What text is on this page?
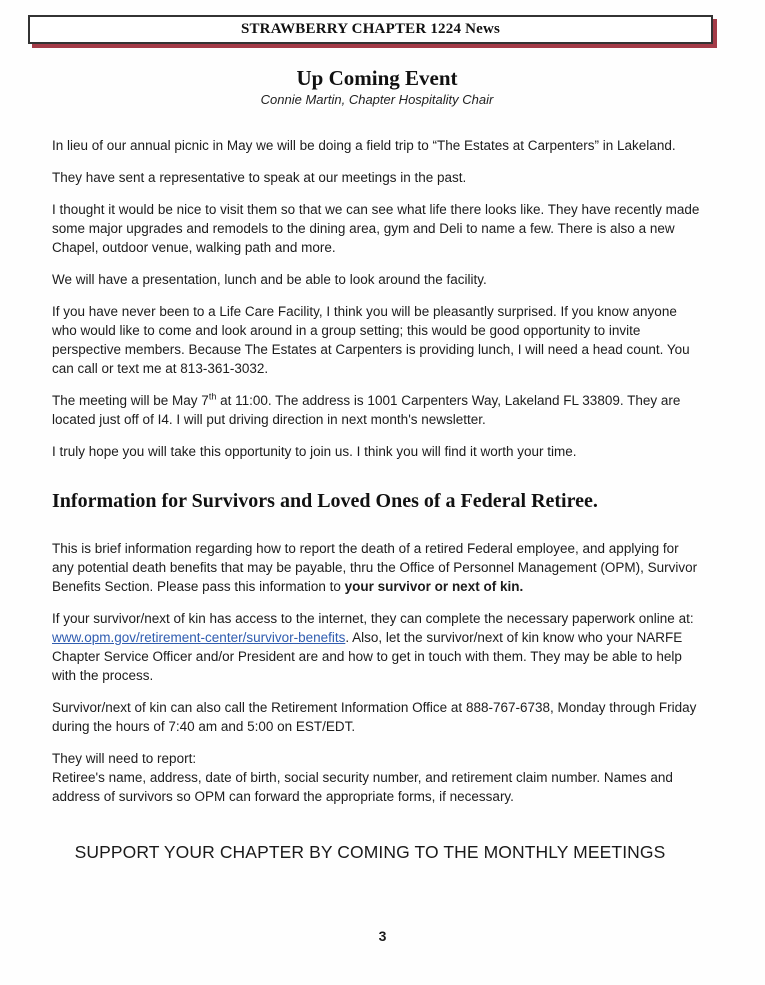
STRAWBERRY CHAPTER 1224 News
Up Coming Event

Connie Martin, Chapter Hospitality Chair

In lieu of our annual picnic in May we will be doing a field trip to “The Estates at Carpenters” in Lakeland.

They have sent a representative to speak at our meetings in the past.

I thought it would be nice to visit them so that we can see what life there looks like. They have recently made some major upgrades and remodels to the dining area, gym and Deli to name a few. There is also a new Chapel, outdoor venue, walking path and more.

We will have a presentation, lunch and be able to look around the facility.

If you have never been to a Life Care Facility, I think you will be pleasantly surprised. If you know anyone who would like to come and look around in a group setting; this would be good opportunity to invite perspective members. Because The Estates at Carpenters is providing lunch, I will need a head count. You can call or text me at 813-361-3032.

The meeting will be May 7th at 11:00. The address is 1001 Carpenters Way, Lakeland FL 33809. They are located just off of I4. I will put driving direction in next month's newsletter.

I truly hope you will take this opportunity to join us. I think you will find it worth your time.

Information for Survivors and Loved Ones of a Federal Retiree.

This is brief information regarding how to report the death of a retired Federal employee, and applying for any potential death benefits that may be payable, thru the Office of Personnel Management (OPM), Survivor Benefits Section. Please pass this information to your survivor or next of kin.

If your survivor/next of kin has access to the internet, they can complete the necessary paperwork online at: www.opm.gov/retirement-center/survivor-benefits. Also, let the survivor/next of kin know who your NARFE Chapter Service Officer and/or President are and how to get in touch with them. They may be able to help with the process.

Survivor/next of kin can also call the Retirement Information Office at 888-767-6738, Monday through Friday during the hours of 7:40 am and 5:00 on EST/EDT.

They will need to report:
Retiree's name, address, date of birth, social security number, and retirement claim number. Names and address of survivors so OPM can forward the appropriate forms, if necessary.

SUPPORT YOUR CHAPTER BY COMING TO THE MONTHLY MEETINGS
3
